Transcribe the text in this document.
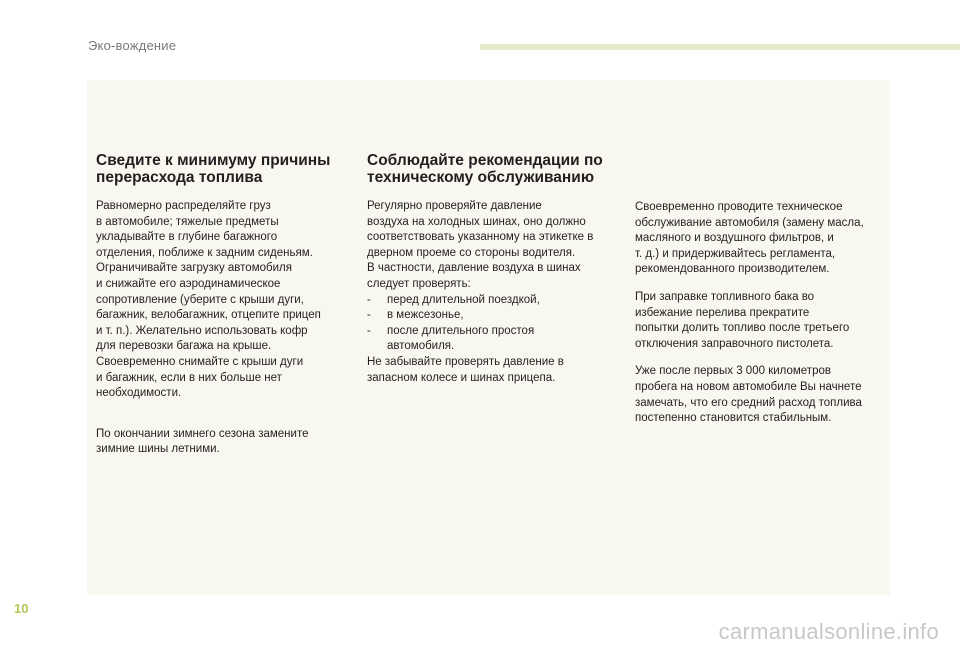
Эко-вождение
Сведите к минимуму причины
перерасхода топлива

Равномерно распределяйте груз
в автомобиле; тяжелые предметы
укладывайте в глубине багажного
отделения, поближе к задним сиденьям.
Ограничивайте загрузку автомобиля
и снижайте его аэродинамическое
сопротивление (уберите с крыши дуги,
багажник, велобагажник, отцепите прицеп
и т. п.). Желательно использовать кофр
для перевозки багажа на крыше.
Своевременно снимайте с крыши дуги
и багажник, если в них больше нет
необходимости.

По окончании зимнего сезона замените
зимние шины летними.

Соблюдайте рекомендации по
техническому обслуживанию
Регулярно проверяйте давление
воздуха на холодных шинах, оно должно
соответствовать указанному на этикетке в
дверном проеме со стороны водителя.
В частности, давление воздуха в шинах
следует проверять:
- перед длительной поездкой,
- в межсезонье,
- после длительного простоя
автомобиля.
Не забывайте проверять давление в
запасном колесе и шинах прицепа.

Своевременно проводите техническое
обслуживание автомобиля (замену масла,
масляного и воздушного фильтров, и
т. д.) и придерживайтесь регламента,
рекомендованного производителем.

При заправке топливного бака во
избежание перелива прекратите
попытки долить топливо после третьего
отключения заправочного пистолета.

Уже после первых 3 000 километров
пробега на новом автомобиле Вы начнете
замечать, что его средний расход топлива
постепенно становится стабильным.

10
carmanualsonline.info
